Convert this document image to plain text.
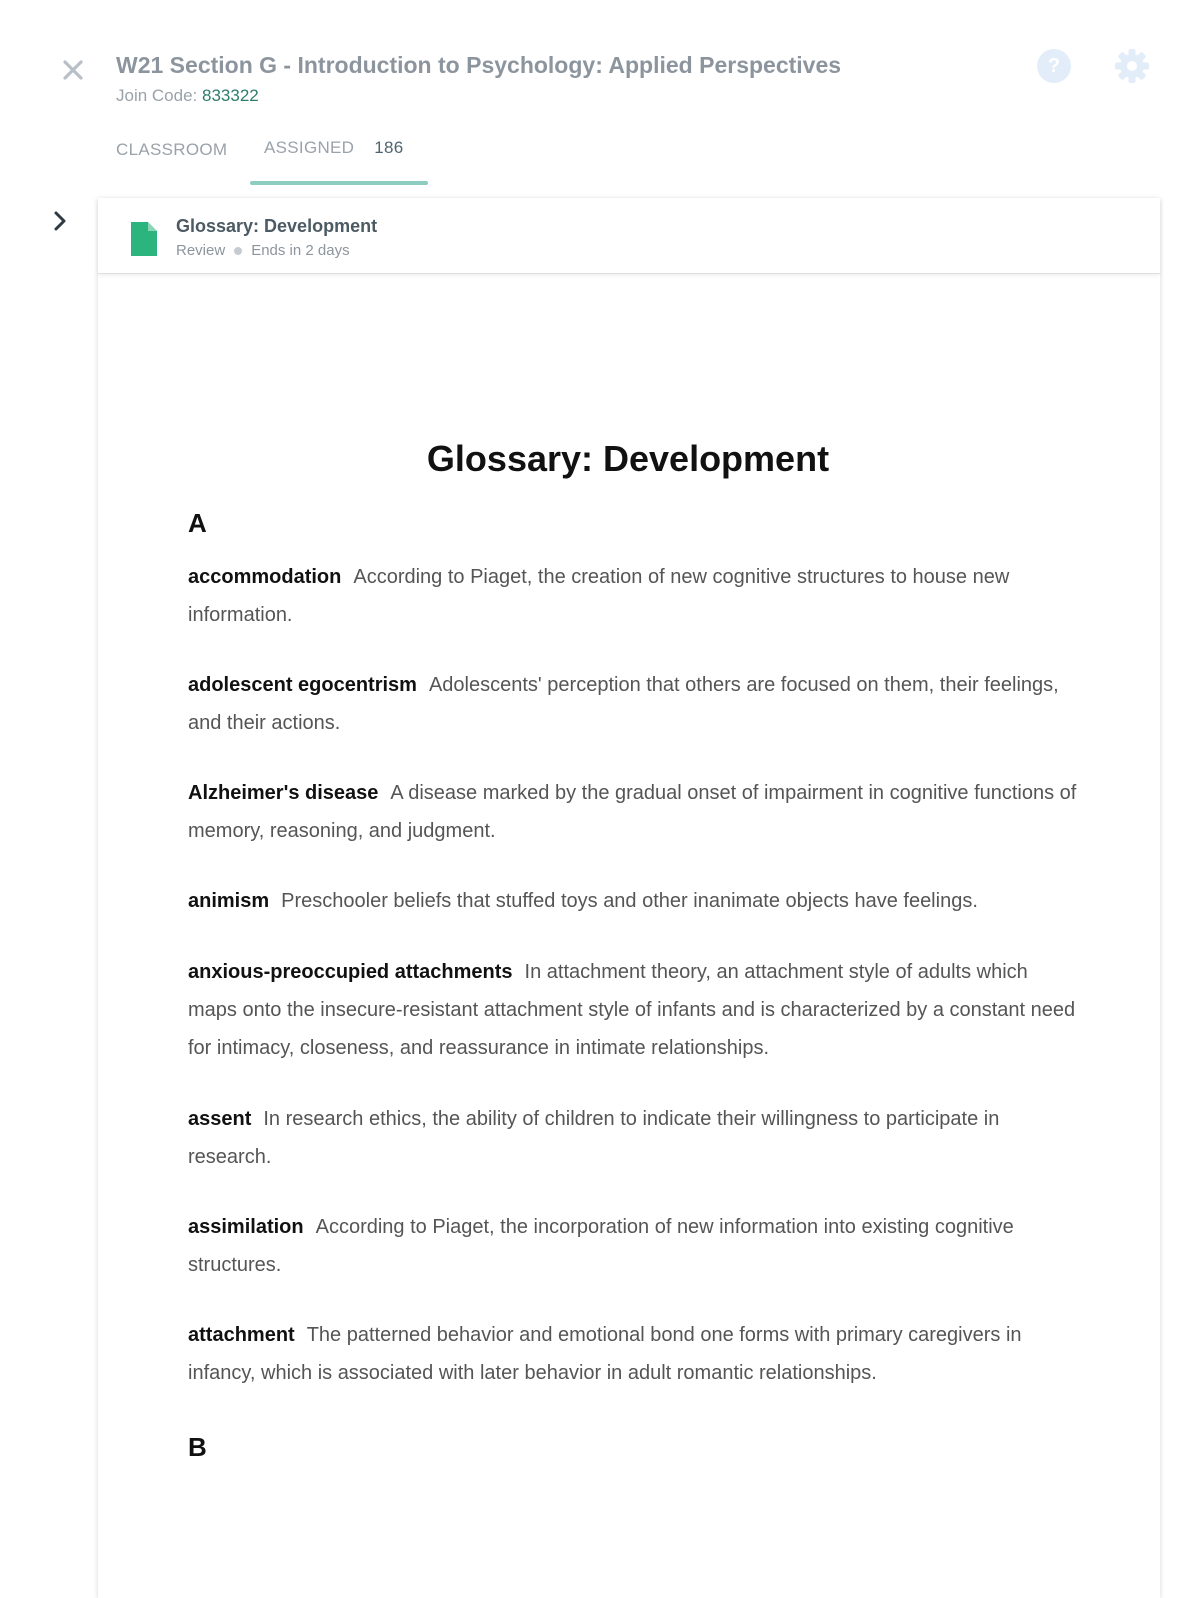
W21 Section G - Introduction to Psychology: Applied Perspectives
Join Code: 833322
?
CLASSROOM ASSIGNED 186
Glossary: Development
Review Ends in 2 days
Glossary: Development
A
accommodation According to Piaget, the creation of new cognitive structures to house new information.
adolescent egocentrism Adolescents' perception that others are focused on them, their feelings, and their actions.
Alzheimer's disease A disease marked by the gradual onset of impairment in cognitive functions of memory, reasoning, and judgment.
animism Preschooler beliefs that stuffed toys and other inanimate objects have feelings.
anxious-preoccupied attachments In attachment theory, an attachment style of adults which maps onto the insecure-resistant attachment style of infants and is characterized by a constant need for intimacy, closeness, and reassurance in intimate relationships.
assent In research ethics, the ability of children to indicate their willingness to participate in research.
assimilation According to Piaget, the incorporation of new information into existing cognitive structures.
attachment The patterned behavior and emotional bond one forms with primary caregivers in infancy, which is associated with later behavior in adult romantic relationships.
B
